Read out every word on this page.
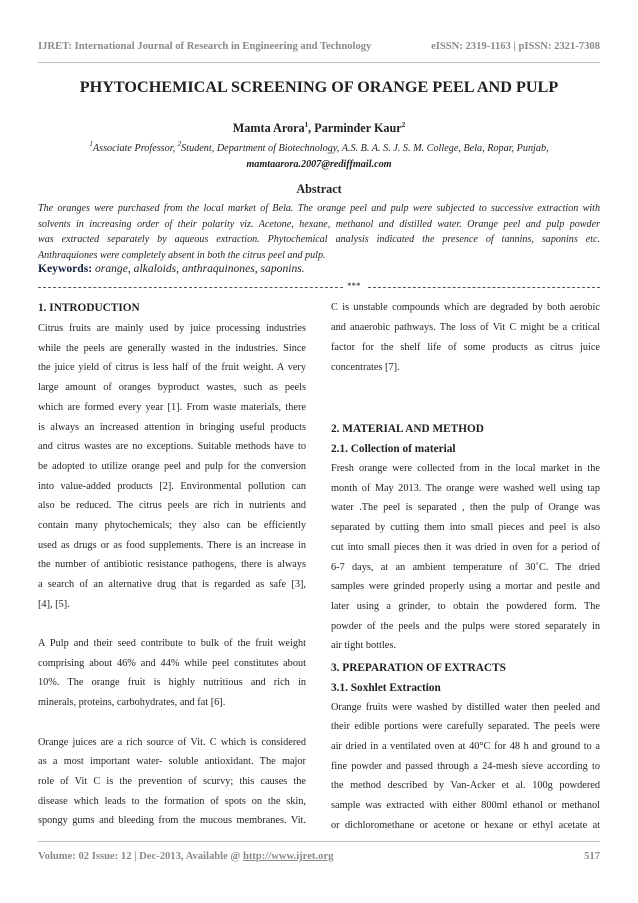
IJRET: International Journal of Research in Engineering and Technology	eISSN: 2319-1163 | pISSN: 2321-7308
PHYTOCHEMICAL SCREENING OF ORANGE PEEL AND PULP
Mamta Arora$^1$, Parminder Kaur$^2$
$^1$Associate Professor, $^2$Student, Department of Biotechnology, A.S. B. A. S. J. S. M. College, Bela, Ropar, Punjab,
mamtaarora.2007@rediffmail.com
Abstract
The oranges were purchased from the local market of Bela. The orange peel and pulp were subjected to successive extraction with
solvents in increasing order of their polarity viz. Acetone, hexane, methanol and distilled water. Orange peel and pulp powder
was extracted separately by aqueous extraction. Phytochemical analysis indicated the presence of tannins, saponins etc.
Anthraquiones were completely absent in both the citrus peel and pulp.
Keywords: orange, alkaloids, anthraquinones, saponins.
***
1. INTRODUCTION
Citrus fruits are mainly used by juice processing industries
while the peels are generally wasted in the industries. Since
the juice yield of citrus is less half of the fruit weight. A very
large amount of oranges byproduct wastes, such as peels
which are formed every year [1]. From waste materials, there
is always an increased attention in bringing useful products
and citrus wastes are no exceptions. Suitable methods have to
be adopted to utilize orange peel and pulp for the conversion
into value-added products [2]. Environmental pollution can
also be reduced. The citrus peels are rich in nutrients and
contain many phytochemicals; they also can be efficiently
used as drugs or as food supplements. There is an increase in
the number of antibiotic resistance pathogens, there is always
a search of an alternative drug that is regarded as safe [3],
[4], [5].
A Pulp and their seed contribute to bulk of the fruit weight
comprising about 46% and 44% while peel constitutes about
10%. The orange fruit is highly nutritious and rich in
minerals, proteins, carbohydrates, and fat [6].
Orange juices are a rich source of Vit. C which is considered
as a most important water- soluble antioxidant. The major
role of Vit C is the prevention of scurvy; this causes the
disease which leads to the formation of spots on the skin,
spongy gums and bleeding from the mucous membranes. Vit.
C is unstable compounds which are degraded by both aerobic
and anaerobic pathways. The loss of Vit C might be a critical
factor for the shelf life of some products as citrus juice
concentrates [7].
2. MATERIAL AND METHOD
2.1. Collection of material
Fresh orange were collected from in the local market in the
month of May 2013. The orange were washed well using tap
water .The peel is separated , then the pulp of Orange was
separated by cutting them into small pieces and peel is also
cut into small pieces then it was dried in oven for a period of
6-7 days, at an ambient temperature of 30˚C. The dried
samples were grinded properly using a mortar and pestle and
later using a grinder, to obtain the powdered form. The
powder of the peels and the pulps were stored separately in
air tight bottles.
3. PREPARATION OF EXTRACTS
3.1. Soxhlet Extraction
Orange fruits were washed by distilled water then peeled and
their edible portions were carefully separated. The peels were
air dried in a ventilated oven at 40°C for 48 h and ground to a
fine powder and passed through a 24-mesh sieve according to
the method described by Van-Acker et al. 100g powdered
sample was extracted with either 800ml ethanol or methanol
or dichloromethane or acetone or hexane or ethyl acetate at
Volume: 02 Issue: 12 | Dec-2013, Available @ http://www.ijret.org	517
